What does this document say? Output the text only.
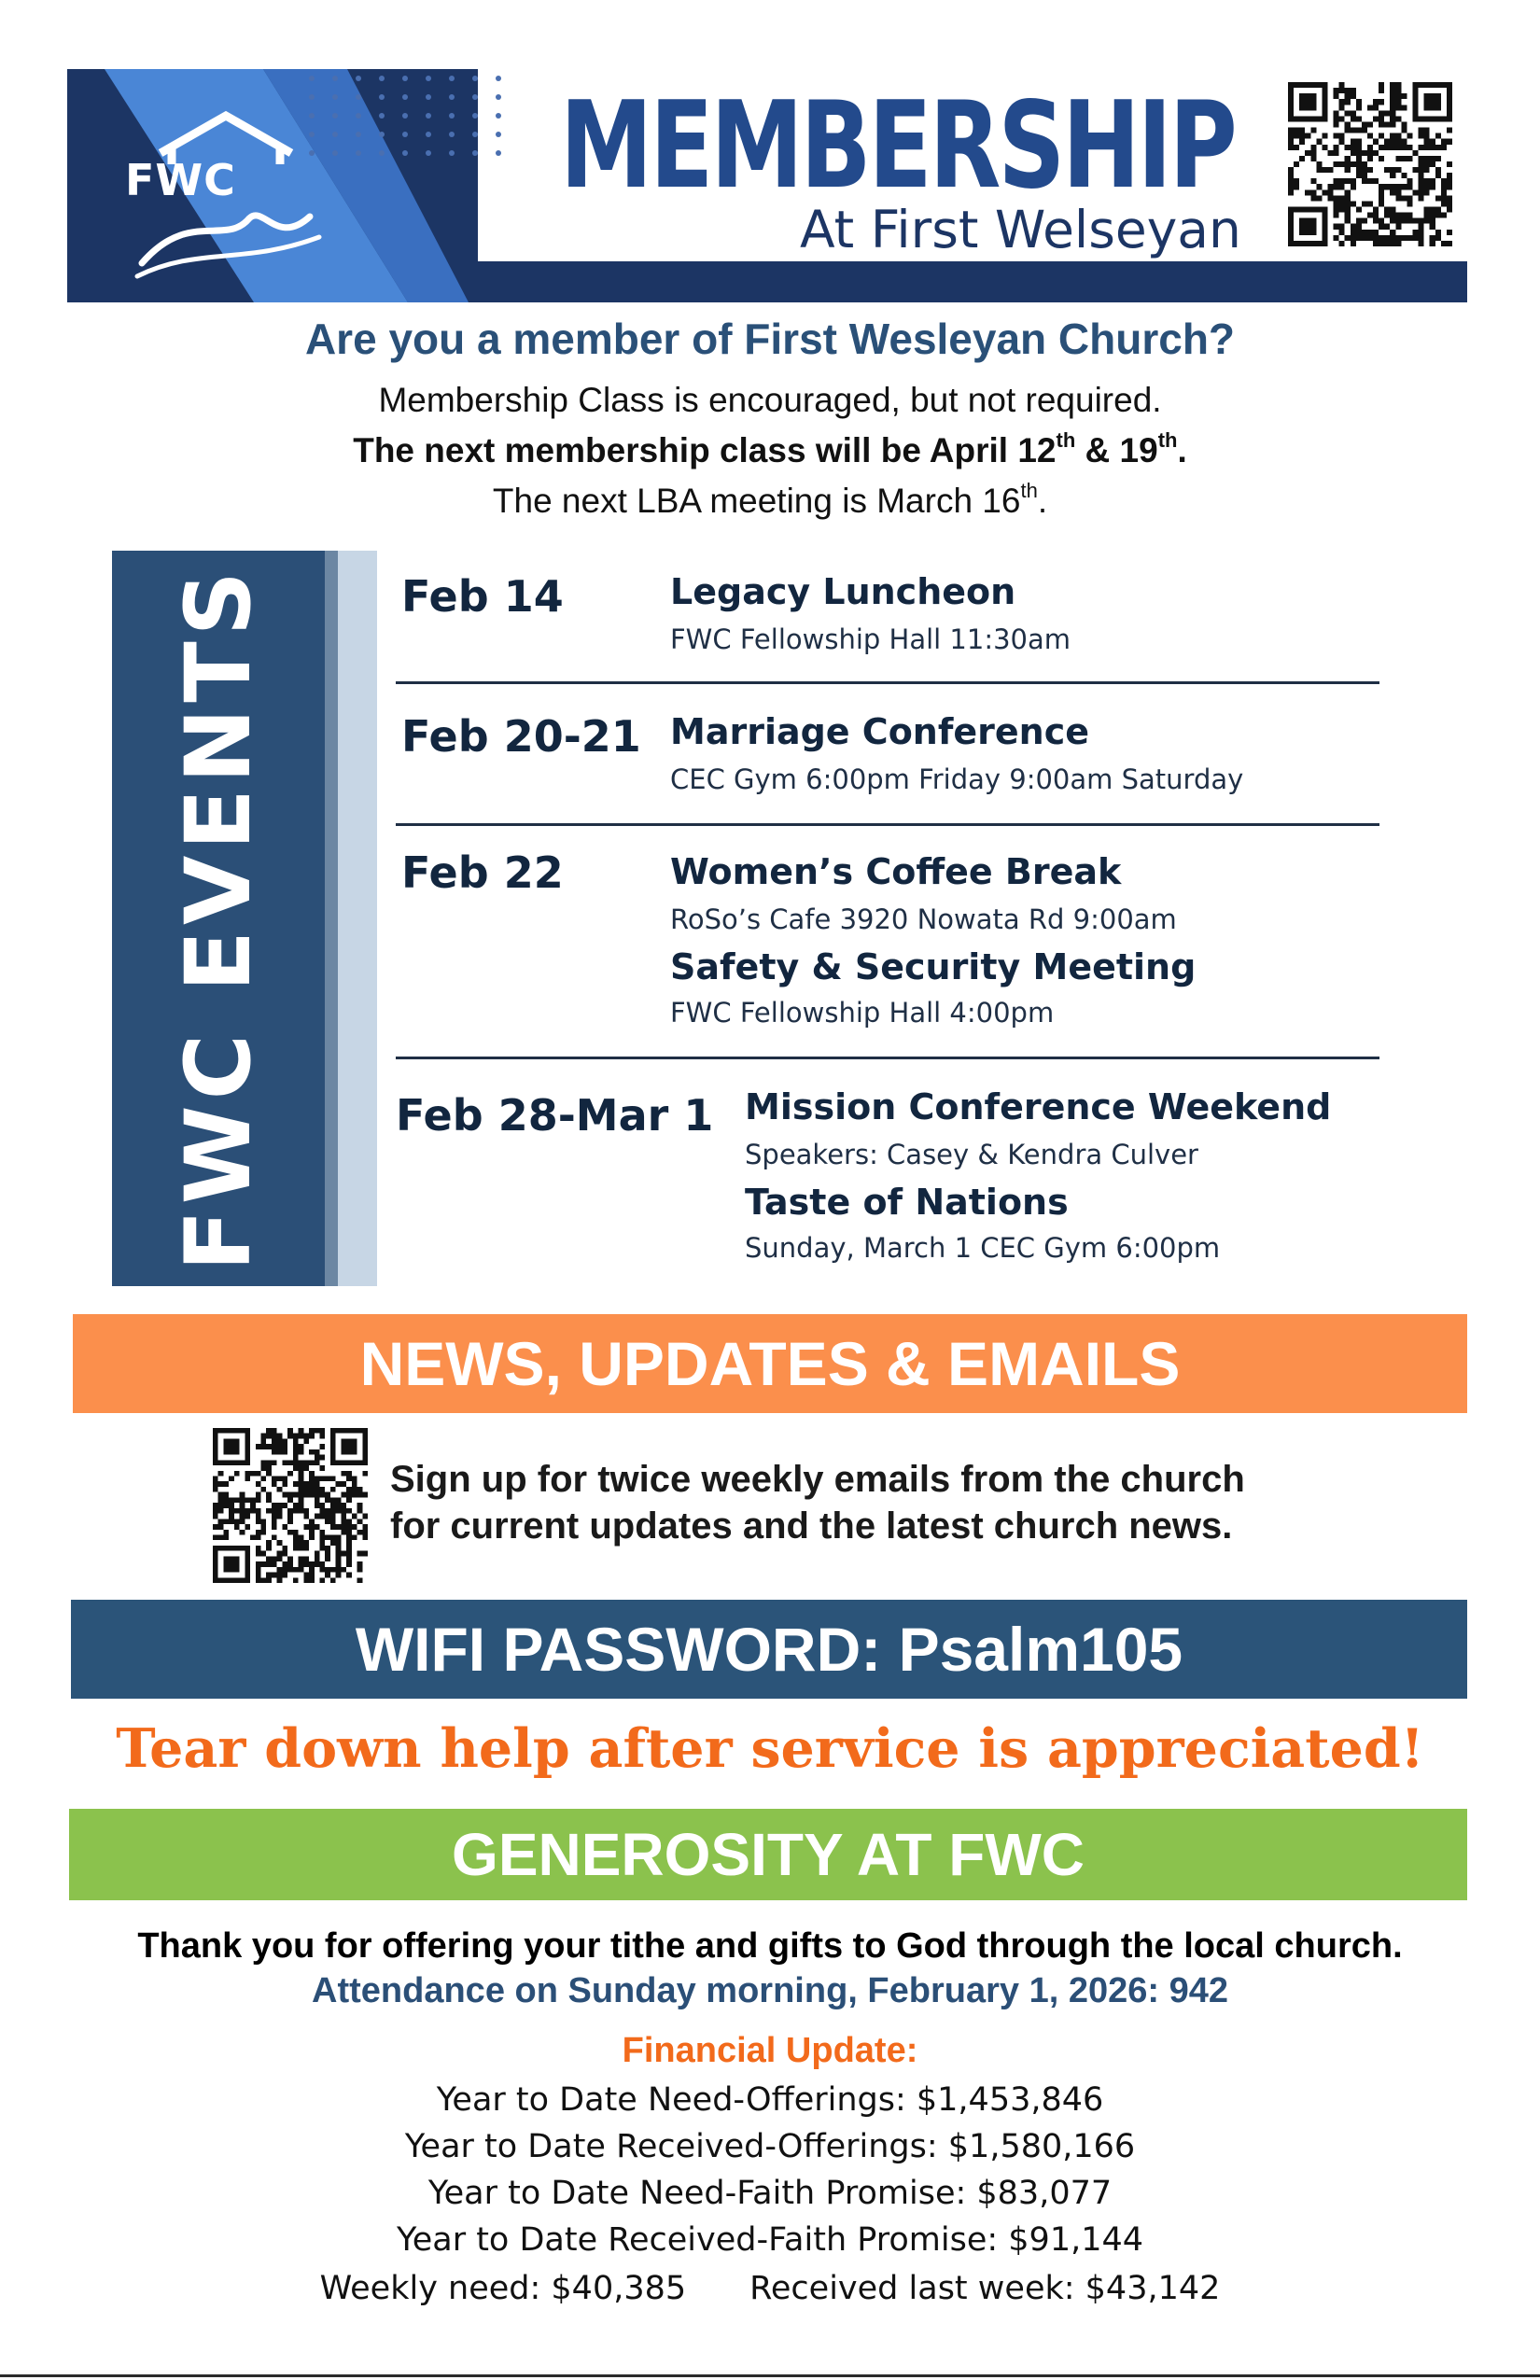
FWC	MEMBERSHIP
At First Welseyan
Are you a member of First Wesleyan Church?
Membership Class is encouraged, but not required.
The next membership class will be April 12th & 19th.
The next LBA meeting is March 16th.
FWC EVENTS	Feb 14	Legacy Luncheon
FWC Fellowship Hall 11:30am
Feb 20-21 Marriage Conference
CEC Gym 6:00pm Friday 9:00am Saturday
Feb 22	Women’s Coffee Break
RoSo’s Cafe 3920 Nowata Rd 9:00am
Safety & Security Meeting
FWC Fellowship Hall 4:00pm
Feb 28-Mar 1 Mission Conference Weekend
Speakers: Casey & Kendra Culver
Taste of Nations
Sunday, March 1 CEC Gym 6:00pm
NEWS, UPDATES & EMAILS
Sign up for twice weekly emails from the church
for current updates and the latest church news.
WIFI PASSWORD: Psalm105
Tear down help after service is appreciated!
GENEROSITY AT FWC
Thank you for offering your tithe and gifts to God through the local church.
Attendance on Sunday morning, February 1, 2026: 942
Financial Update:
Year to Date Need-Offerings: $1,453,846
Year to Date Received-Offerings: $1,580,166
Year to Date Need-Faith Promise: $83,077
Year to Date Received-Faith Promise: $91,144
Weekly need: $40,385 Received last week: $43,142
